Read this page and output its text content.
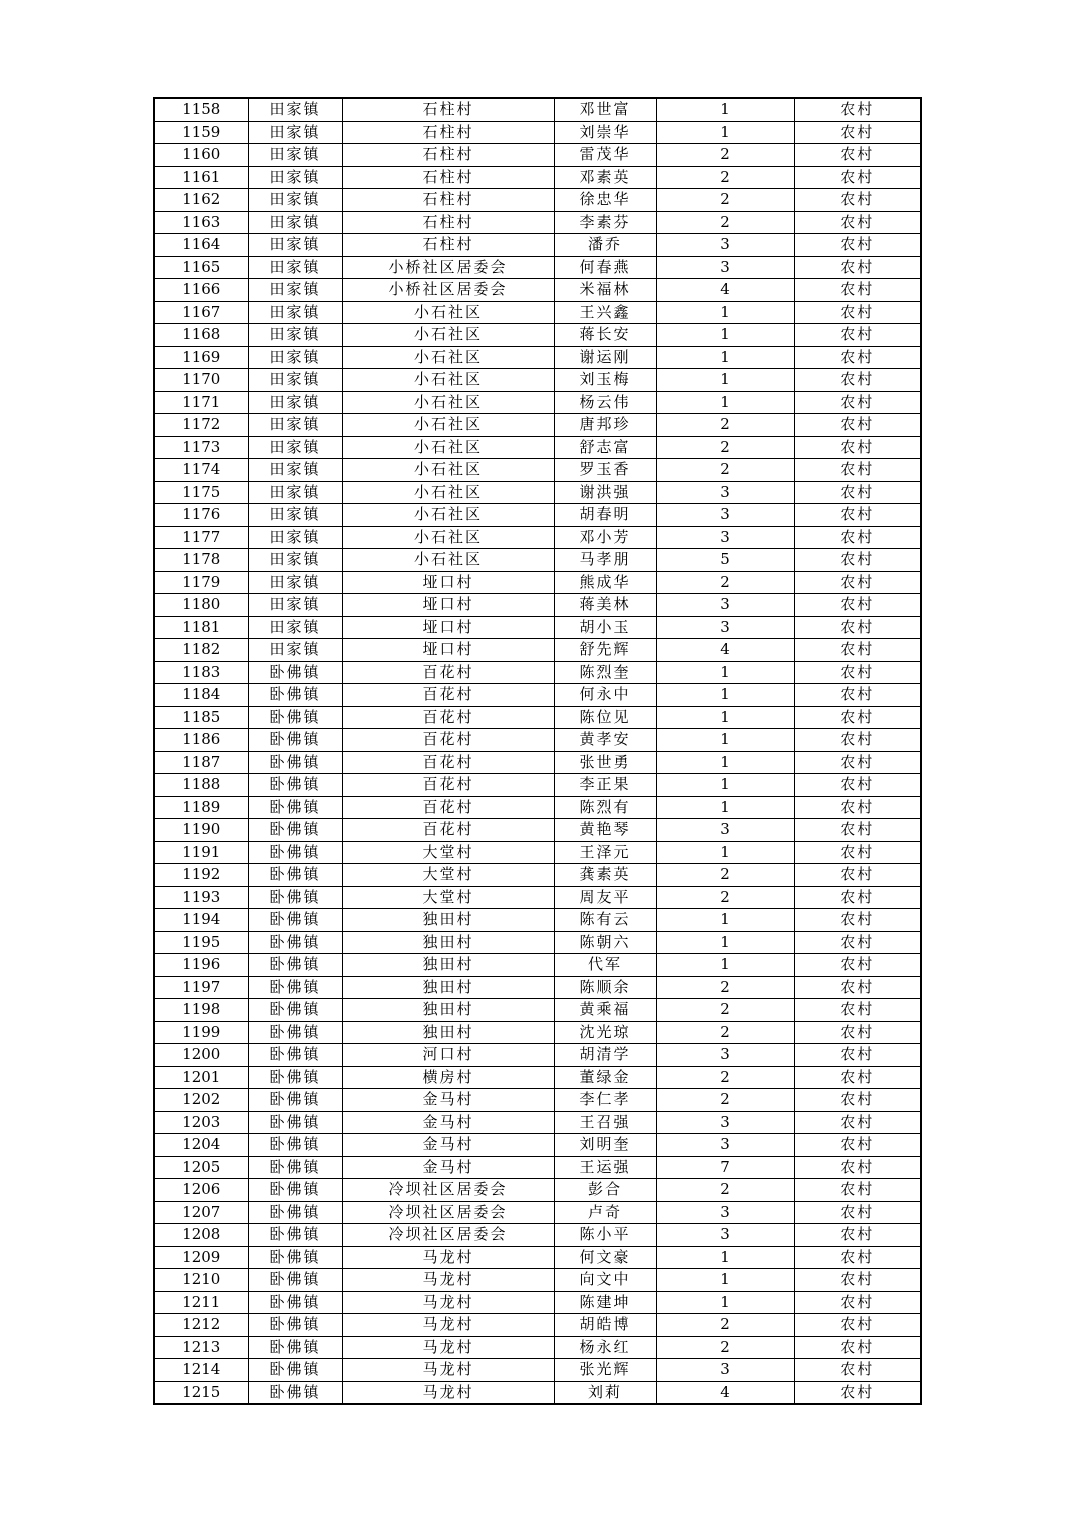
1158	田家镇	石柱村	邓世富	1	农村
1159	田家镇	石柱村	刘崇华	1	农村
1160	田家镇	石柱村	雷茂华	2	农村
1161	田家镇	石柱村	邓素英	2	农村
1162	田家镇	石柱村	徐忠华	2	农村
1163	田家镇	石柱村	李素芬	2	农村
1164	田家镇	石柱村	潘乔	3	农村
1165	田家镇	小桥社区居委会	何春燕	3	农村
1166	田家镇	小桥社区居委会	米福林	4	农村
1167	田家镇	小石社区	王兴鑫	1	农村
1168	田家镇	小石社区	蒋长安	1	农村
1169	田家镇	小石社区	谢运刚	1	农村
1170	田家镇	小石社区	刘玉梅	1	农村
1171	田家镇	小石社区	杨云伟	1	农村
1172	田家镇	小石社区	唐邦珍	2	农村
1173	田家镇	小石社区	舒志富	2	农村
1174	田家镇	小石社区	罗玉香	2	农村
1175	田家镇	小石社区	谢洪强	3	农村
1176	田家镇	小石社区	胡春明	3	农村
1177	田家镇	小石社区	邓小芳	3	农村
1178	田家镇	小石社区	马孝朋	5	农村
1179	田家镇	垭口村	熊成华	2	农村
1180	田家镇	垭口村	蒋美林	3	农村
1181	田家镇	垭口村	胡小玉	3	农村
1182	田家镇	垭口村	舒先辉	4	农村
1183	卧佛镇	百花村	陈烈奎	1	农村
1184	卧佛镇	百花村	何永中	1	农村
1185	卧佛镇	百花村	陈位见	1	农村
1186	卧佛镇	百花村	黄孝安	1	农村
1187	卧佛镇	百花村	张世勇	1	农村
1188	卧佛镇	百花村	李正果	1	农村
1189	卧佛镇	百花村	陈烈有	1	农村
1190	卧佛镇	百花村	黄艳琴	3	农村
1191	卧佛镇	大堂村	王泽元	1	农村
1192	卧佛镇	大堂村	龚素英	2	农村
1193	卧佛镇	大堂村	周友平	2	农村
1194	卧佛镇	独田村	陈有云	1	农村
1195	卧佛镇	独田村	陈朝六	1	农村
1196	卧佛镇	独田村	代军	1	农村
1197	卧佛镇	独田村	陈顺余	2	农村
1198	卧佛镇	独田村	黄乘福	2	农村
1199	卧佛镇	独田村	沈光琼	2	农村
1200	卧佛镇	河口村	胡清学	3	农村
1201	卧佛镇	横房村	董绿金	2	农村
1202	卧佛镇	金马村	李仁孝	2	农村
1203	卧佛镇	金马村	王召强	3	农村
1204	卧佛镇	金马村	刘明奎	3	农村
1205	卧佛镇	金马村	王运强	7	农村
1206	卧佛镇	冷坝社区居委会	彭合	2	农村
1207	卧佛镇	冷坝社区居委会	卢奇	3	农村
1208	卧佛镇	冷坝社区居委会	陈小平	3	农村
1209	卧佛镇	马龙村	何文豪	1	农村
1210	卧佛镇	马龙村	向文中	1	农村
1211	卧佛镇	马龙村	陈建坤	1	农村
1212	卧佛镇	马龙村	胡皓博	2	农村
1213	卧佛镇	马龙村	杨永红	2	农村
1214	卧佛镇	马龙村	张光辉	3	农村
1215	卧佛镇	马龙村	刘莉	4	农村
